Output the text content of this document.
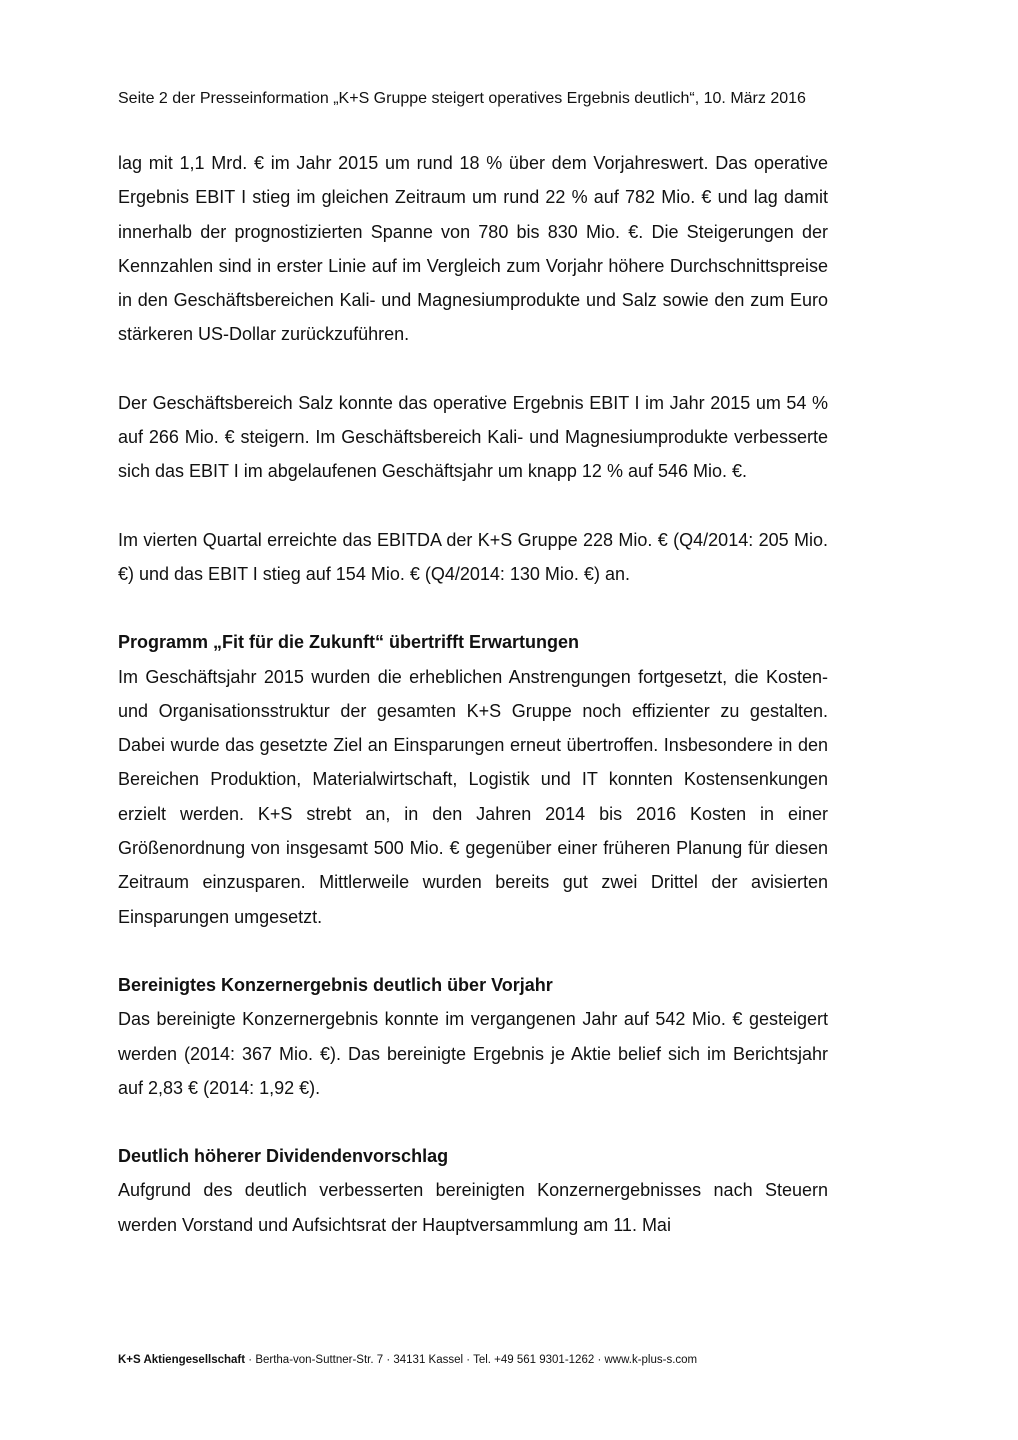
Seite 2 der Presseinformation „K+S Gruppe steigert operatives Ergebnis deutlich“, 10. März 2016

lag mit 1,1 Mrd. € im Jahr 2015 um rund 18 % über dem Vorjahreswert. Das operative Ergebnis EBIT I stieg im gleichen Zeitraum um rund 22 % auf 782 Mio. € und lag damit innerhalb der prognostizierten Spanne von 780 bis 830 Mio. €. Die Steigerungen der Kennzahlen sind in erster Linie auf im Vergleich zum Vorjahr höhere Durchschnittspreise in den Geschäftsbereichen Kali- und Magnesiumprodukte und Salz sowie den zum Euro stärkeren US-Dollar zurückzuführen.

Der Geschäftsbereich Salz konnte das operative Ergebnis EBIT I im Jahr 2015 um 54 % auf 266 Mio. € steigern. Im Geschäftsbereich Kali- und Magnesiumprodukte verbesserte sich das EBIT I im abgelaufenen Geschäftsjahr um knapp 12 % auf 546 Mio. €.

Im vierten Quartal erreichte das EBITDA der K+S Gruppe 228 Mio. € (Q4/2014: 205 Mio. €) und das EBIT I stieg auf 154 Mio. € (Q4/2014: 130 Mio. €) an.

Programm „Fit für die Zukunft“ übertrifft Erwartungen

Im Geschäftsjahr 2015 wurden die erheblichen Anstrengungen fortgesetzt, die Kosten- und Organisationsstruktur der gesamten K+S Gruppe noch effizienter zu gestalten. Dabei wurde das gesetzte Ziel an Einsparungen erneut übertroffen. Insbesondere in den Bereichen Produktion, Materialwirtschaft, Logistik und IT konnten Kostensenkungen erzielt werden. K+S strebt an, in den Jahren 2014 bis 2016 Kosten in einer Größenordnung von insgesamt 500 Mio. € gegenüber einer früheren Planung für diesen Zeitraum einzusparen. Mittlerweile wurden bereits gut zwei Drittel der avisierten Einsparungen umgesetzt.

Bereinigtes Konzernergebnis deutlich über Vorjahr

Das bereinigte Konzernergebnis konnte im vergangenen Jahr auf 542 Mio. € gesteigert werden (2014: 367 Mio. €). Das bereinigte Ergebnis je Aktie belief sich im Berichtsjahr auf 2,83 € (2014: 1,92 €).

Deutlich höherer Dividendenvorschlag

Aufgrund des deutlich verbesserten bereinigten Konzernergebnisses nach Steuern werden Vorstand und Aufsichtsrat der Hauptversammlung am 11. Mai

K+S Aktiengesellschaft · Bertha-von-Suttner-Str. 7 · 34131 Kassel · Tel. +49 561 9301-1262 · www.k-plus-s.com
